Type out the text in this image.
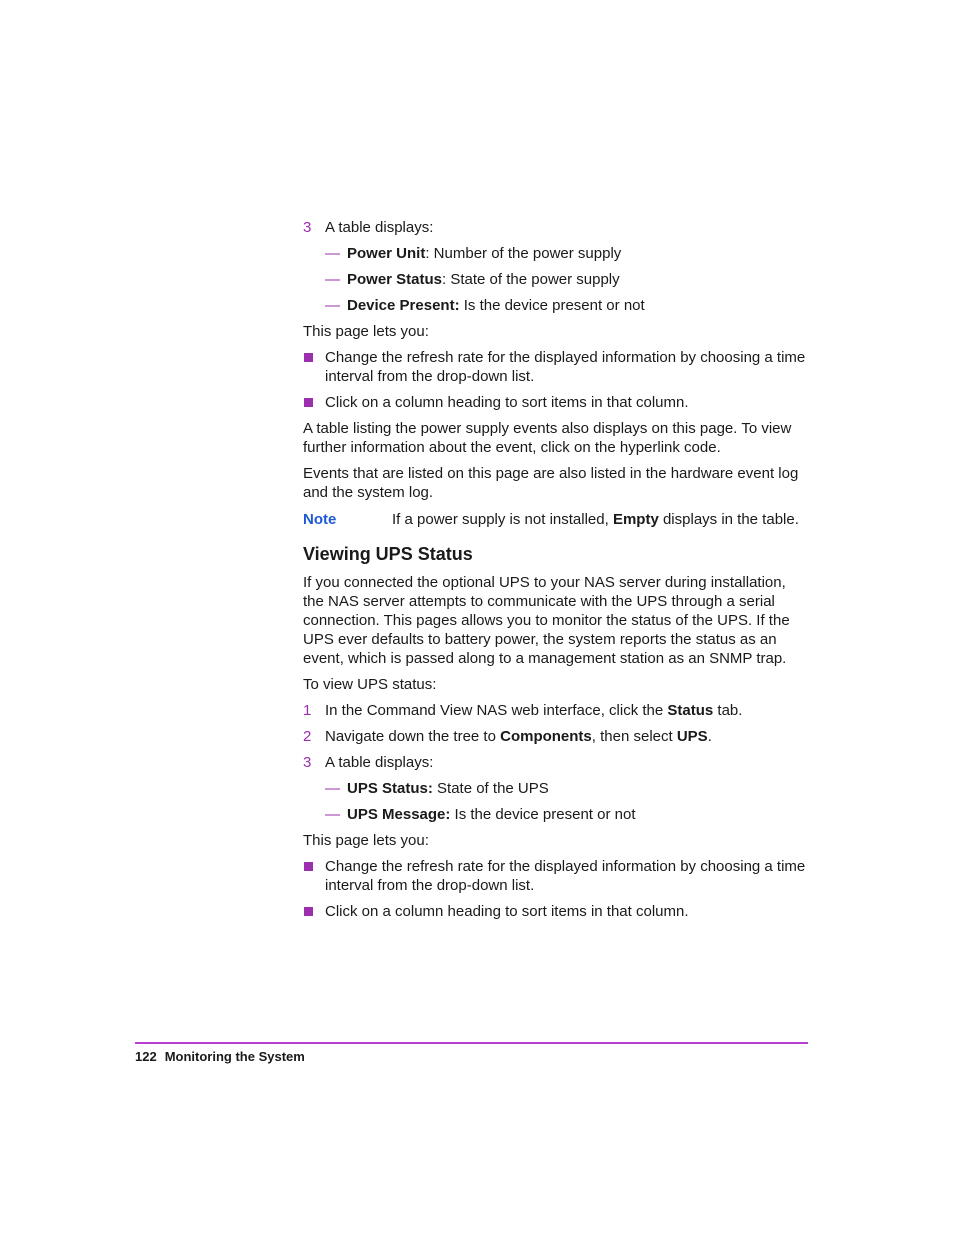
3 A table displays:
— Power Unit: Number of the power supply
— Power Status: State of the power supply
— Device Present: Is the device present or not

This page lets you:

Change the refresh rate for the displayed information by choosing a time interval from the drop-down list.
Click on a column heading to sort items in that column.

A table listing the power supply events also displays on this page. To view further information about the event, click on the hyperlink code.

Events that are listed on this page are also listed in the hardware event log and the system log.

Note	If a power supply is not installed, Empty displays in the table.
Viewing UPS Status

If you connected the optional UPS to your NAS server during installation, the NAS server attempts to communicate with the UPS through a serial connection. This pages allows you to monitor the status of the UPS. If the UPS ever defaults to battery power, the system reports the status as an event, which is passed along to a management station as an SNMP trap.

To view UPS status:

1 In the Command View NAS web interface, click the Status tab.
2 Navigate down the tree to Components, then select UPS.
3 A table displays:
— UPS Status: State of the UPS
— UPS Message: Is the device present or not

This page lets you:

Change the refresh rate for the displayed information by choosing a time interval from the drop-down list.
Click on a column heading to sort items in that column.
122 Monitoring the System
